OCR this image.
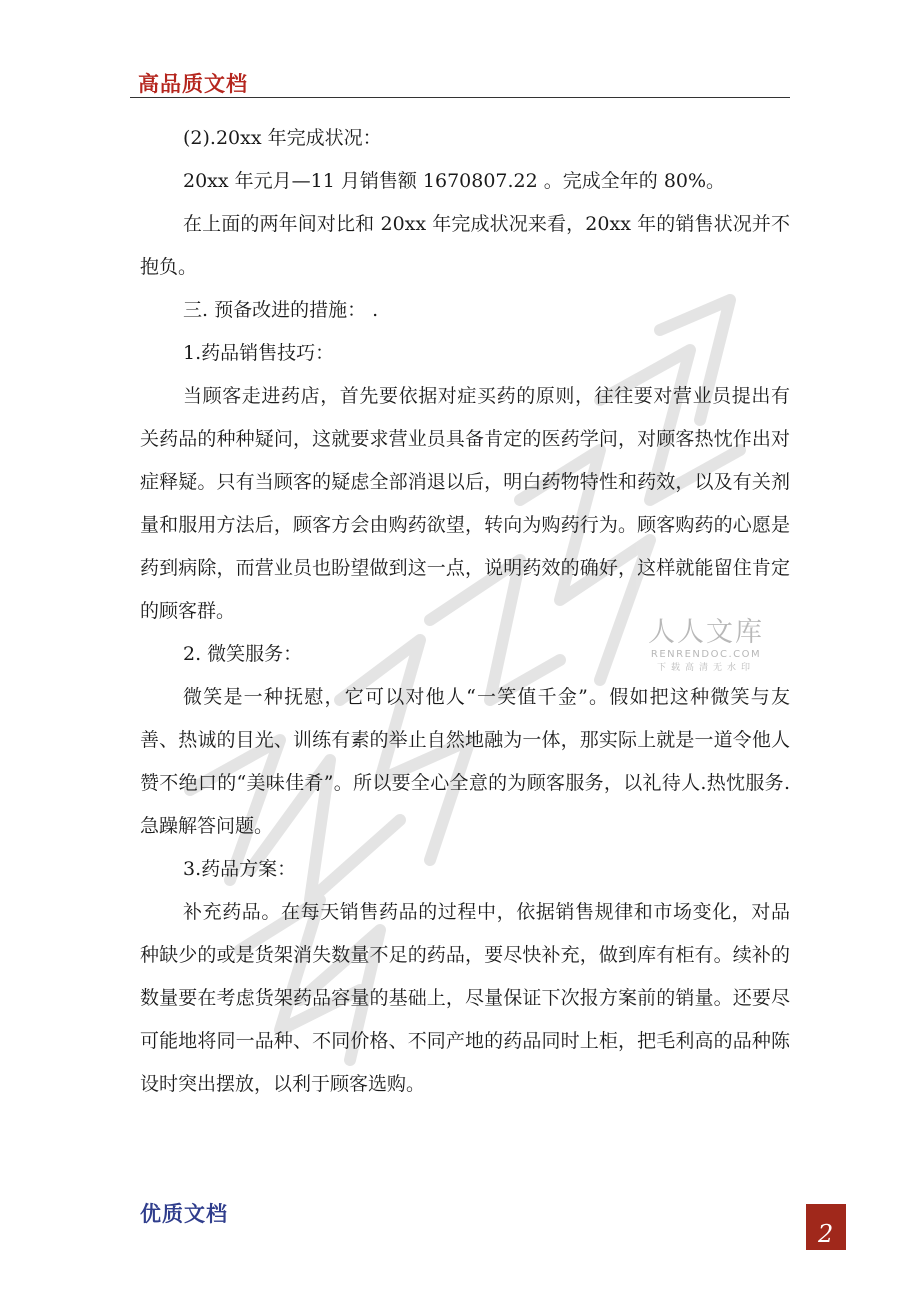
高品质文档

(2).20xx 年完成状况：

20xx 年元月—11 月销售额 1670807.22 。完成全年的 80%。

在上面的两年间对比和 20xx 年完成状况来看，20xx 年的销售状况并不抱负。

三. 预备改进的措施： .

1.药品销售技巧：

当顾客走进药店，首先要依据对症买药的原则，往往要对营业员提出有关药品的种种疑问，这就要求营业员具备肯定的医药学问，对顾客热忱作出对症释疑。只有当顾客的疑虑全部消退以后，明白药物特性和药效，以及有关剂量和服用方法后，顾客方会由购药欲望，转向为购药行为。顾客购药的心愿是药到病除，而营业员也盼望做到这一点，说明药效的确好，这样就能留住肯定的顾客群。

2. 微笑服务：

微笑是一种抚慰，它可以对他人“一笑值千金”。假如把这种微笑与友善、热诚的目光、训练有素的举止自然地融为一体，那实际上就是一道令他人赞不绝口的“美味佳肴”。所以要全心全意的为顾客服务，以礼待人.热忱服务.急躁解答问题。

3.药品方案：

补充药品。在每天销售药品的过程中，依据销售规律和市场变化，对品种缺少的或是货架消失数量不足的药品，要尽快补充，做到库有柜有。续补的数量要在考虑货架药品容量的基础上，尽量保证下次报方案前的销量。还要尽可能地将同一品种、不同价格、不同产地的药品同时上柜，把毛利高的品种陈设时突出摆放，以利于顾客选购。

人人文库
RENRENDOC.COM
下载高清无水印
优质文档
2
